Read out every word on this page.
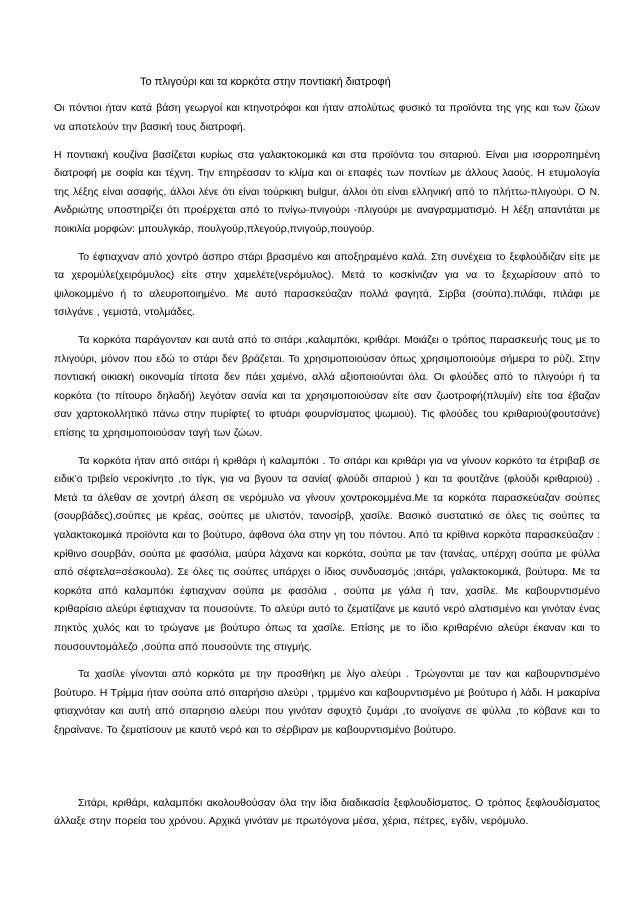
Το πλιγούρι και τα κορκότα στην ποντιακή διατροφή

Οι πόντιοι ήταν κατά βάση γεωργοί και κτηνοτρόφοι και ήταν απολύτως φυσικό τα προϊόντα της γης και των ζώων να αποτελούν την βασική τους διατροφή.

Η ποντιακή κουζίνα βασίζεται κυρίως στα γαλακτοκομικά και στα προϊόντα του σιταριού. Είναι μια ισορροπημένη διατροφή με σοφία και τέχνη. Την επηρέασαν το κλίμα και οι επαφές των ποντίων με άλλους λαούς. Η ετυμολογία της λέξης είναι ασαφής, άλλοι λένε ότι είναι τούρκικη bulgur, άλλοι ότι είναι ελληνική από το πλήττω-πλιγούρι. Ο Ν. Ανδριώτης υποστηρίζει ότι προέρχεται από το πνίγω-πνιγούρι -πλιγούρι με αναγραμματισμό. Η λέξη απαντάται με ποικιλία μορφών: μπουλγκάρ, πουλγούρ,πλεγούρ,πνιγούρ,πουγούρ.

Το έφτιαχναν από χοντρό άσπρο στάρι βρασμένο και αποξηραμένο καλά. Στη συνέχεια το ξεφλούδιζαν είτε με τα χερομύλε(χειρόμυλος) είτε στην χαμελέτε(νερόμυλος). Μετά το κοσκίνιζαν για να το ξεχωρίσουν από το ψιλοκομμένο ή το αλευροποιημένο. Με αυτό παρασκεύαζαν πολλά φαγητά. Σιρβα (σούπα),πιλάφι, πιλάφι με τσιλγάνε , γεμιστά, ντολμάδες.

Τα κορκότα παράγονταν και αυτά από το σιτάρι ,καλαμπόκι, κριθάρι. Μοιάζει ο τρόπος παρασκευής τους με το πλιγούρι, μόνον που εδώ το στάρι δεν βράζεται. Το χρησιμοποιούσαν όπως χρησιμοποιούμε σήμερα το ρύζι. Στην ποντιακή οικιακή οικονομία τίποτα δεν πάει χαμένο, αλλά αξιοποιούνται όλα. Οι φλούδες από το πλιγούρι ή τα κορκότα (το πίτουρο δηλαδή) λεγόταν σανία και τα χρησιμοποιούσαν είτε σαν ζωοτροφή(πλυμίν) είτε τοα έβαζαν σαν χαρτοκολλητικό πάνω στην πυρίφτε( το φτυάρι φουρνίσματος ψωμιού). Τις φλούδες του κριθαριού(φουτσάνε) επίσης τα χρησιμοποιούσαν ταγή των ζώων.

Τα κορκότα ήταν από σιτάρι ή κριθάρι ή καλαμπόκι . Το σιτάρι και κριθάρι για να γίνουν κορκότο τα έτριβαβ σε ειδικ’ο τριβείο νεροκίνητο ,το τίγκ, για να βγουν τα σανία( φλούδι σιταριού ) και τα φουτζάνε (φλούδι κριθαριού) . Μετά τα άλεθαν σε χοντρή άλεση σε νερόμυλο να γίνουν χοντροκομμένα.Με τα κορκότα παρασκεύαζαν σούπες (σουρβάδες),σούπες με κρέας, σούπες με υλιστόν, τανοσίρβ, χασίλε. Βασικό συστατικό σε όλες τις σούπες τα γαλακτοκομικά προϊόντα και το βούτυρο, άφθονα όλα στην γη του πόντου. Από τα κρίθινα κορκότα παρασκεύαζαν : κρίθινο σουρβάν, σούπα με φασόλια, μαύρα λάχανα και κορκότα, σούπα με ταν (τανέας, υπέρχη σούπα με φύλλα από σέφτελα=σέσκουλα). Σε όλες τις σούπες υπάρχει ο ίδιος συνδυασμός ;σιτάρι, γαλακτοκομικά, βούτυρα. Με τα κορκότα από καλαμπόκι έφτιαχναν σούπα με φασόλια , σούπα με γάλα ή ταν, χασίλε. Με καβουρντισμένο κριθαρίσιο αλεύρι έφτιαχναν τα πουσούντε. Το αλεύρι αυτό το ζεματίζανε με καυτό νερό αλατισμένο και γινόταν ένας πηκτός χυλός και το τρώγανε με βούτυρο όπως τα χασίλε. Επίσης με το ίδιο κριθαρένιο αλεύρι έκαναν και το πουσουντομάλεζο ,σούπα από πουσούντε της στιγμής.

Τα χασίλε γίνονται από κορκότα με την προσθήκη με λίγο αλεύρι . Τρώγονται με ταν και καβουρντισμένο βούτυρο. Η Τρίμμα ήταν σούπα από σιταρήσιο αλεύρι , τρμμένο και καβουρντισμένο με βούτυρο ή λάδι. Η μακαρίνα φτιαχνόταν και αυτή από σιταρησιο αλεύρι που γινόταν σφυχτό ζυμάρι ,το ανοίγανε σε φύλλα ,το κόβανε και το ξηραίνανε. Το ζεματίσουν με καυτό νερό και το σέρβιραν με καβουρντισμένο βούτυρο.

Σιτάρι, κριθάρι, καλαμπόκι ακολουθούσαν όλα την ίδια διαδικασία ξεφλουδίσματος. Ο τρόπος ξεφλουδίσματος άλλαξε στην πορεία του χρόνου. Αρχικά γινόταν με πρωτόγονα μέσα, χέρια, πέτρες, εγδίν, νερόμυλο.
